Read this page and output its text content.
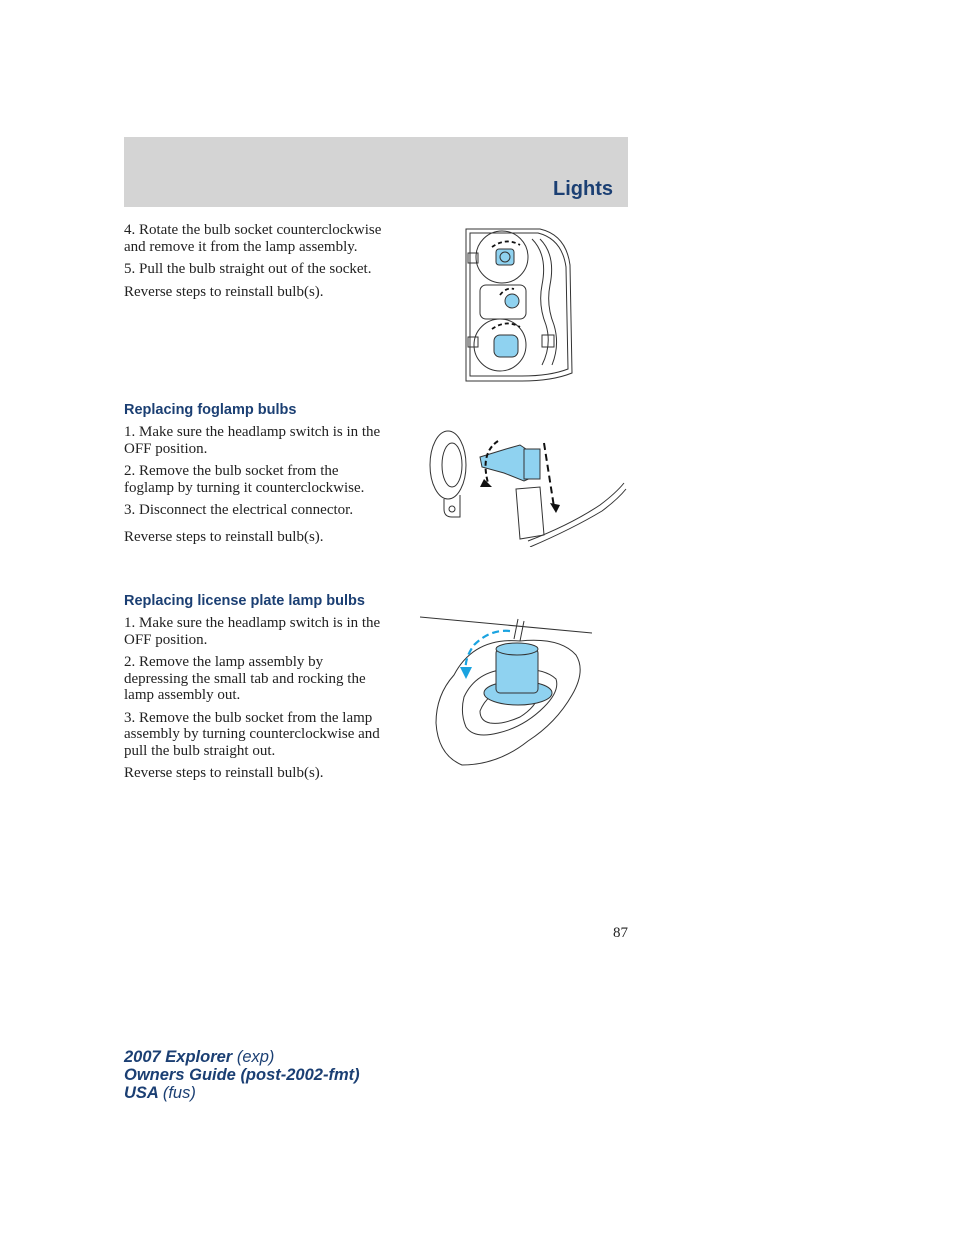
Lights

4. Rotate the bulb socket counterclockwise and remove it from the lamp assembly.

5. Pull the bulb straight out of the socket.

Reverse steps to reinstall bulb(s).

Replacing foglamp bulbs

1. Make sure the headlamp switch is in the OFF position.

2. Remove the bulb socket from the foglamp by turning it counterclockwise.

3. Disconnect the electrical connector.

Reverse steps to reinstall bulb(s).

Replacing license plate lamp bulbs

1. Make sure the headlamp switch is in the OFF position.

2. Remove the lamp assembly by depressing the small tab and rocking the lamp assembly out.

3. Remove the bulb socket from the lamp assembly by turning counterclockwise and pull the bulb straight out.

Reverse steps to reinstall bulb(s).

87
2007 Explorer (exp)
Owners Guide (post-2002-fmt)
USA (fus)
